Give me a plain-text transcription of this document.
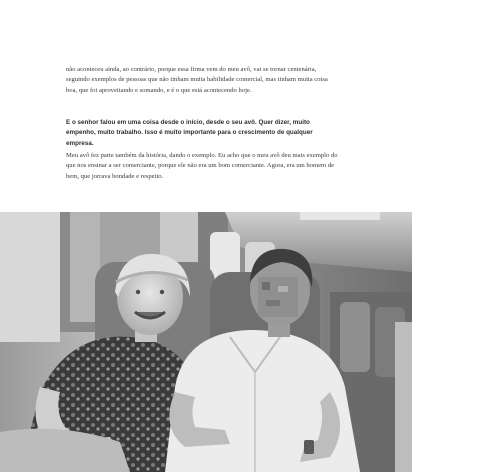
não aconteceu ainda, ao contrário, porque essa firma vem do meu avô, vai se tornar centenária, seguindo exemplos de pessoas que não tinham muita habilidade comercial, mas tinham muita coisa boa, que foi aproveitando e somando, e é o que está acontecendo hoje.

E o senhor falou em uma coisa desde o início, desde o seu avô. Quer dizer, muito empenho, muito trabalho. Isso é muito importante para o crescimento de qualquer empresa.

Meu avô fez parte também da história, dando o exemplo. Eu acho que o meu avô deu mais exemplo do que nos ensinar a ser comerciante, porque ele não era um bom comerciante. Agora, era um homem de bem, que jorrava bondade e respeito.
